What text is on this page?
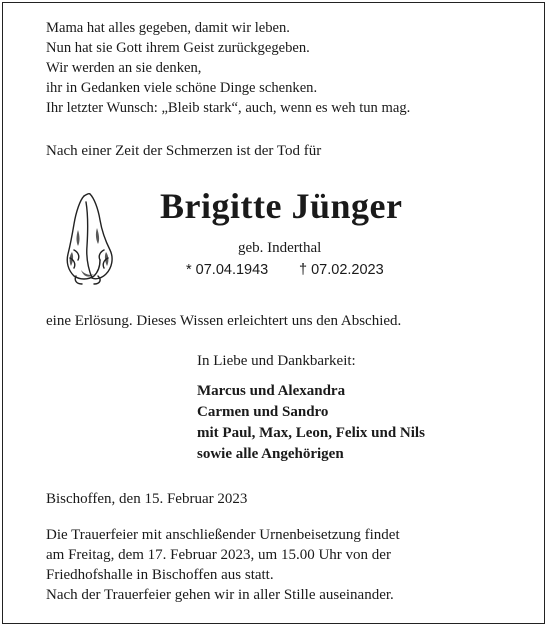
Mama hat alles gegeben, damit wir leben.
Nun hat sie Gott ihrem Geist zurückgegeben.
Wir werden an sie denken,
ihr in Gedanken viele schöne Dinge schenken.
Ihr letzter Wunsch: „Bleib stark“, auch, wenn es weh tun mag.
Nach einer Zeit der Schmerzen ist der Tod für
Brigitte Jünger
geb. Inderthal
* 07.04.1943 † 07.02.2023
eine Erlösung. Dieses Wissen erleichtert uns den Abschied.
In Liebe und Dankbarkeit:
Marcus und Alexandra
Carmen und Sandro
mit Paul, Max, Leon, Felix und Nils
sowie alle Angehörigen
Bischoffen, den 15. Februar 2023
Die Trauerfeier mit anschließender Urnenbeisetzung findet
am Freitag, dem 17. Februar 2023, um 15.00 Uhr von der
Friedhofshalle in Bischoffen aus statt.
Nach der Trauerfeier gehen wir in aller Stille auseinander.
